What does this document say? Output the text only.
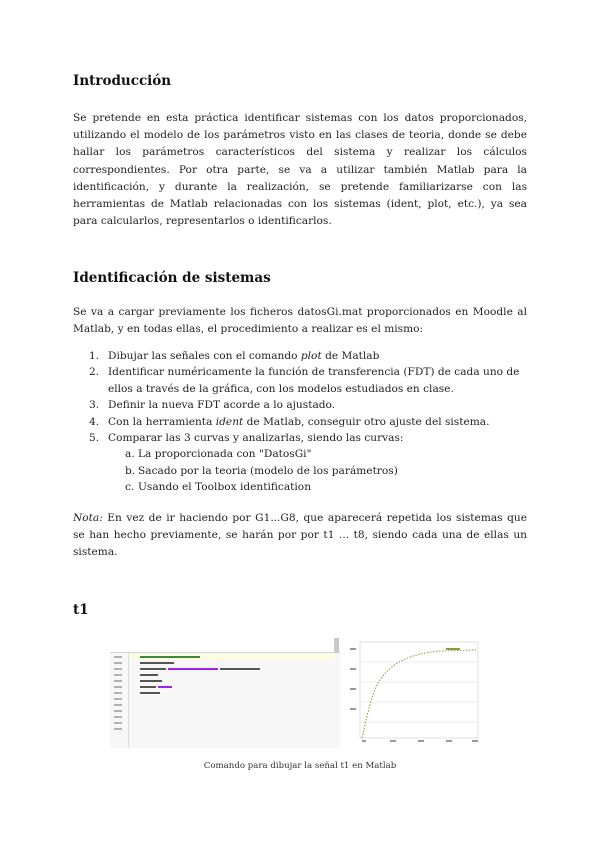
Introducción

Se pretende en esta práctica identificar sistemas con los datos proporcionados, utilizando el modelo de los parámetros visto en las clases de teoria, donde se debe hallar los parámetros característicos del sistema y realizar los cálculos correspondientes. Por otra parte, se va a utilizar también Matlab para la identificación, y durante la realización, se pretende familiarizarse con las herramientas de Matlab relacionadas con los sistemas (ident, plot, etc.), ya sea para calcularlos, representarlos o identificarlos.

Identificación de sistemas

Se va a cargar previamente los ficheros datosGi.mat proporcionados en Moodle al Matlab, y en todas ellas, el procedimiento a realizar es el mismo:

1. Dibujar las señales con el comando plot de Matlab
2. Identificar numéricamente la función de transferencia (FDT) de cada uno de ellos a través de la gráfica, con los modelos estudiados en clase.
3. Definir la nueva FDT acorde a lo ajustado.
4. Con la herramienta ident de Matlab, conseguir otro ajuste del sistema.
5. Comparar las 3 curvas y analizarlas, siendo las curvas:
a. La proporcionada con "DatosGi"
b. Sacado por la teoria (modelo de los parámetros)
c. Usando el Toolbox identification

Nota: En vez de ir haciendo por G1...G8, que aparecerá repetida los sistemas que se han hecho previamente, se harán por por t1 ... t8, siendo cada una de ellas un sistema.

t1
Comando para dibujar la señal t1 en Matlab
